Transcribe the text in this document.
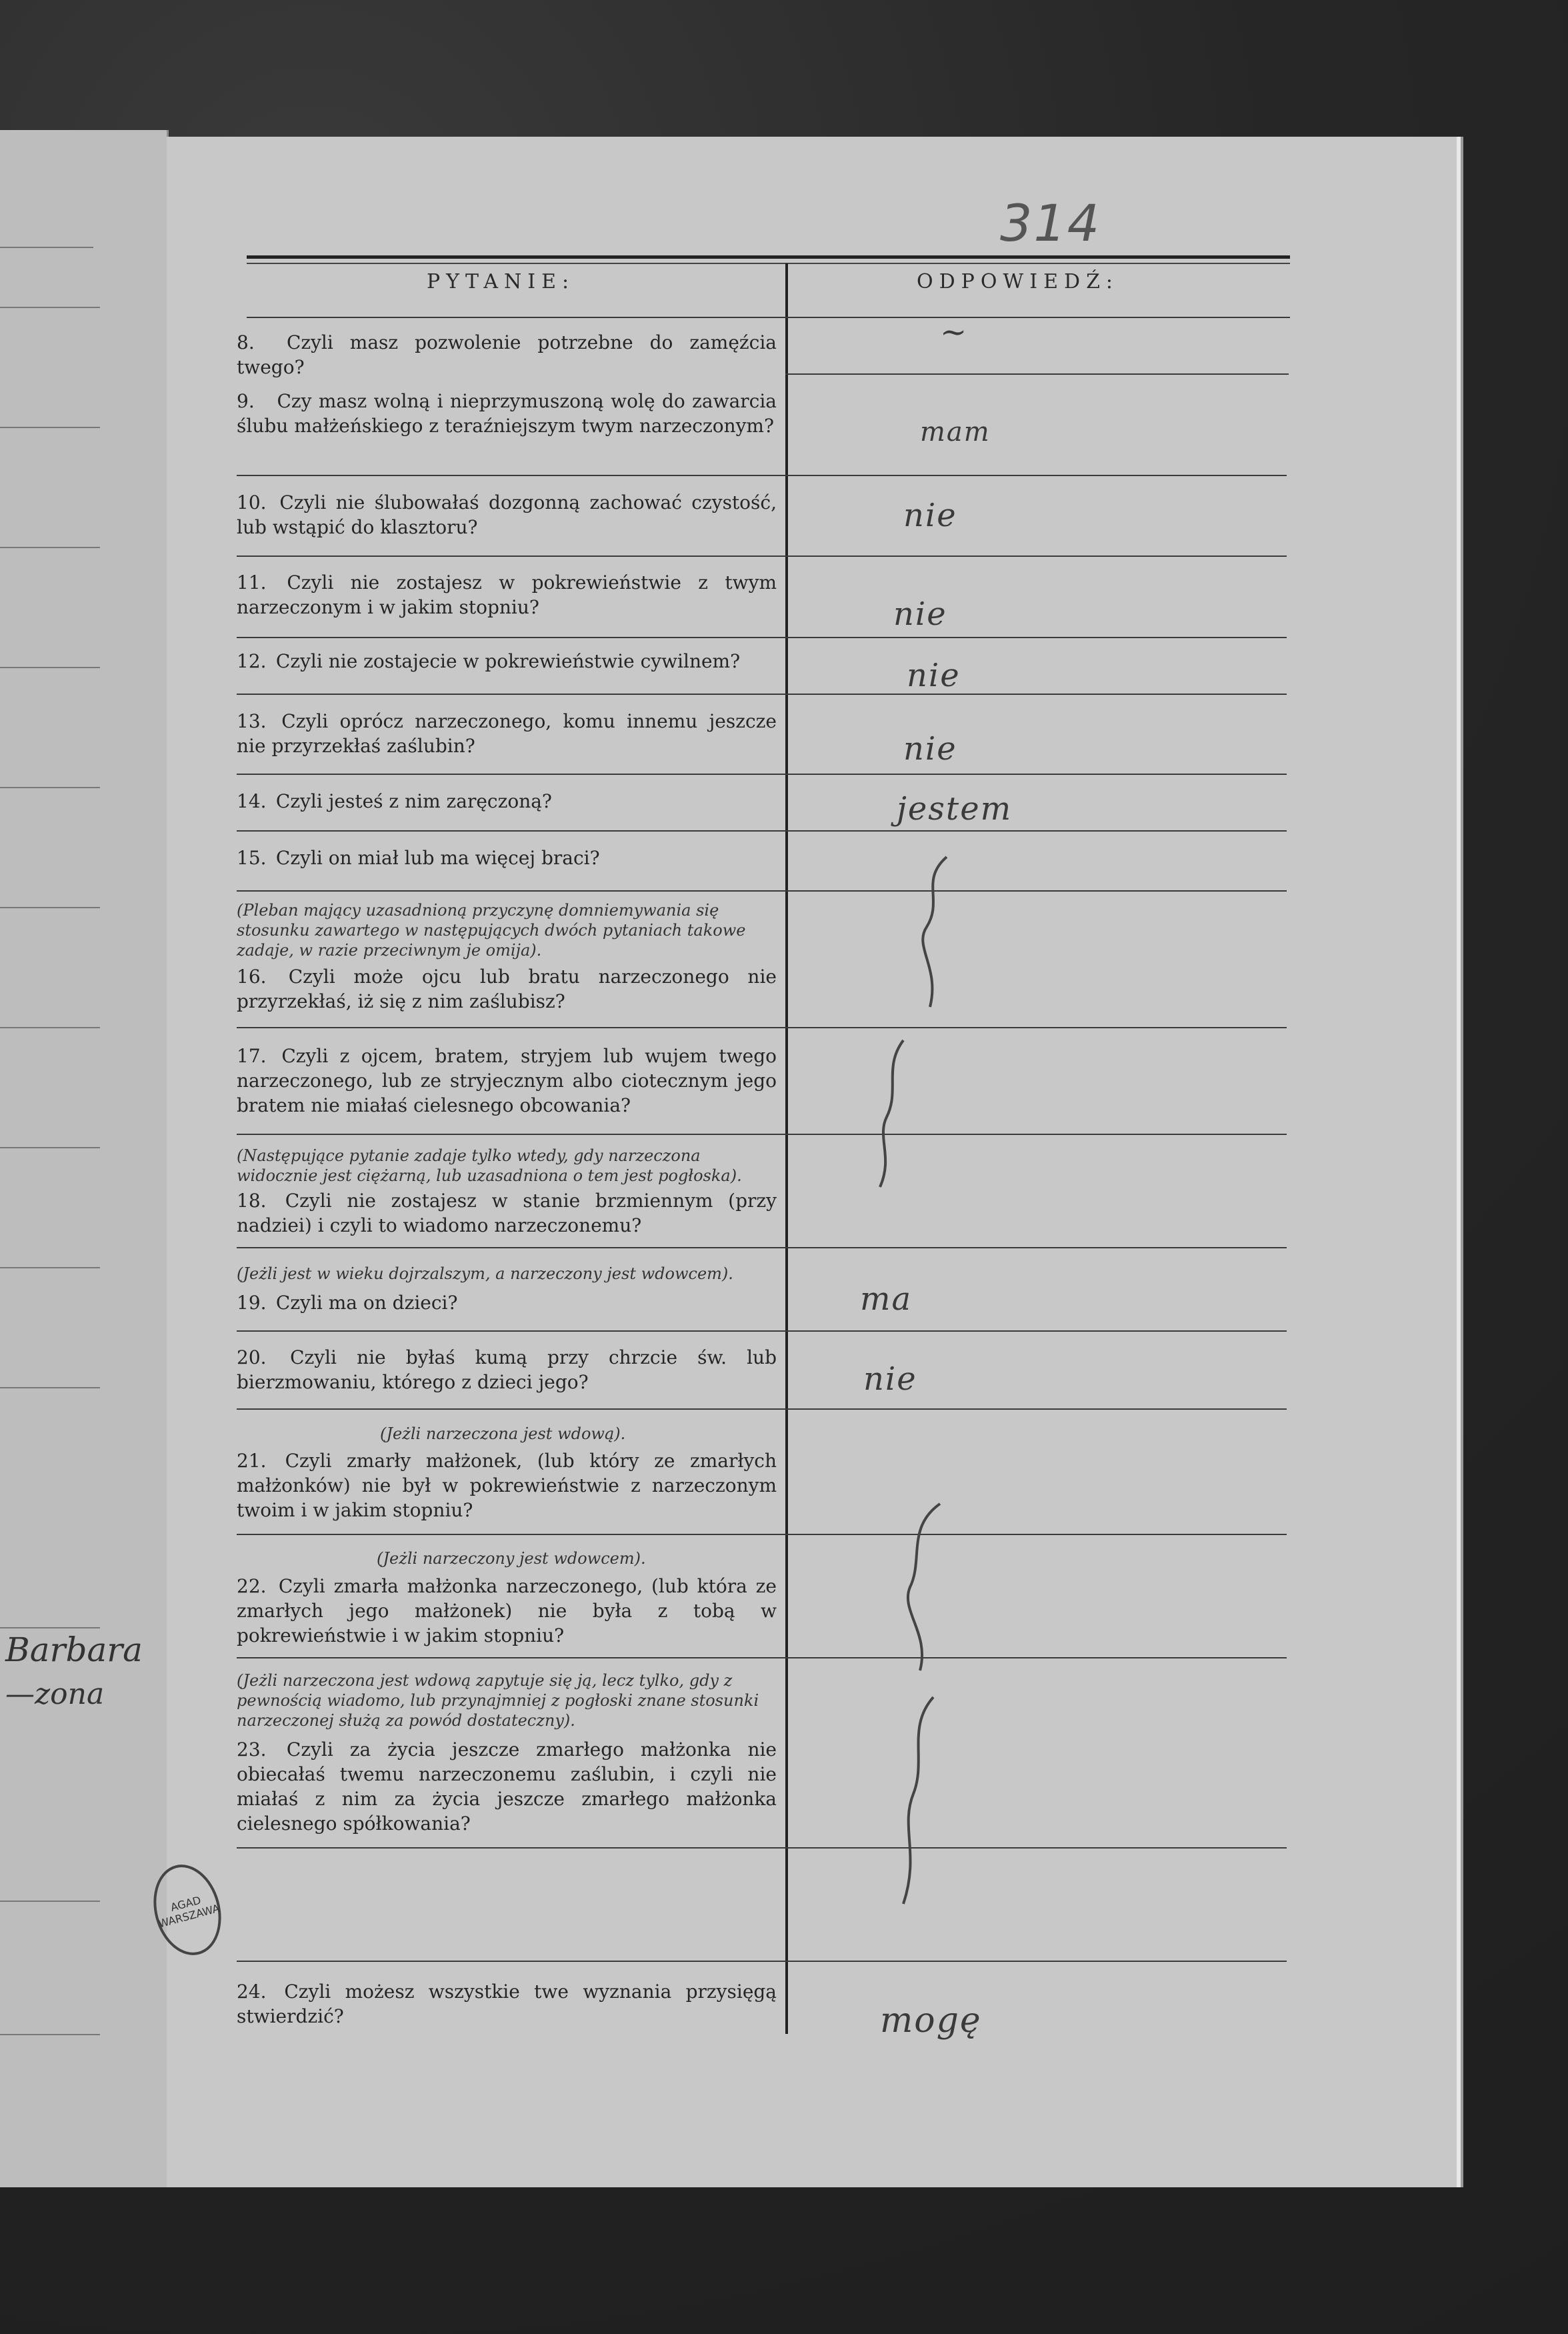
Barbara
—zona
314
PYTANIE:	ODPOWIEDŹ:
8. Czyli masz pozwolenie potrzebne do zamęźcia twego?
9. Czy masz wolną i nieprzymuszoną wolę do zawarcia ślubu małżeńskiego z teraźniejszym twym narzeczonym?
10. Czyli nie ślubowałaś dozgonną zachować czystość, lub wstąpić do klasztoru?
11. Czyli nie zostajesz w pokrewieństwie z twym narzeczonym i w jakim stopniu?
12. Czyli nie zostajecie w pokrewieństwie cywilnem?
13. Czyli oprócz narzeczonego, komu innemu jeszcze nie przyrzekłaś zaślubin?
14. Czyli jesteś z nim zaręczoną?
15. Czyli on miał lub ma więcej braci?
(Pleban mający uzasadnioną przyczynę domniemywania się stosunku zawartego w następujących dwóch pytaniach takowe zadaje, w razie przeciwnym je omija).
16. Czyli może ojcu lub bratu narzeczonego nie przyrzekłaś, iż się z nim zaślubisz?
17. Czyli z ojcem, bratem, stryjem lub wujem twego narzeczonego, lub ze stryjecznym albo ciotecznym jego bratem nie miałaś cielesnego obcowania?
(Następujące pytanie zadaje tylko wtedy, gdy narzeczona widocznie jest ciężarną, lub uzasadniona o tem jest pogłoska).
18. Czyli nie zostajesz w stanie brzmiennym (przy nadziei) i czyli to wiadomo narzeczonemu?
(Jeżli jest w wieku dojrzalszym, a narzeczony jest wdowcem).
19. Czyli ma on dzieci?
20. Czyli nie byłaś kumą przy chrzcie św. lub bierzmowaniu, którego z dzieci jego?
(Jeżli narzeczona jest wdową).
21. Czyli zmarły małżonek, (lub który ze zmarłych małżonków) nie był w pokrewieństwie z narzeczonym twoim i w jakim stopniu?
(Jeżli narzeczony jest wdowcem).
22. Czyli zmarła małżonka narzeczonego, (lub która ze zmarłych jego małżonek) nie była z tobą w pokrewieństwie i w jakim stopniu?
(Jeżli narzeczona jest wdową zapytuje się ją, lecz tylko, gdy z pewnością wiadomo, lub przynajmniej z pogłoski znane stosunki narzeczonej służą za powód dostateczny).
23. Czyli za życia jeszcze zmarłego małżonka nie obiecałaś twemu narzeczonemu zaślubin, i czyli nie miałaś z nim za życia jeszcze zmarłego małżonka cielesnego spółkowania?
24. Czyli możesz wszystkie twe wyznania przysięgą stwierdzić?
~
mam
nie
nie
nie
nie
jestem
ma
nie
mogę
AGAD WARSZAWA
